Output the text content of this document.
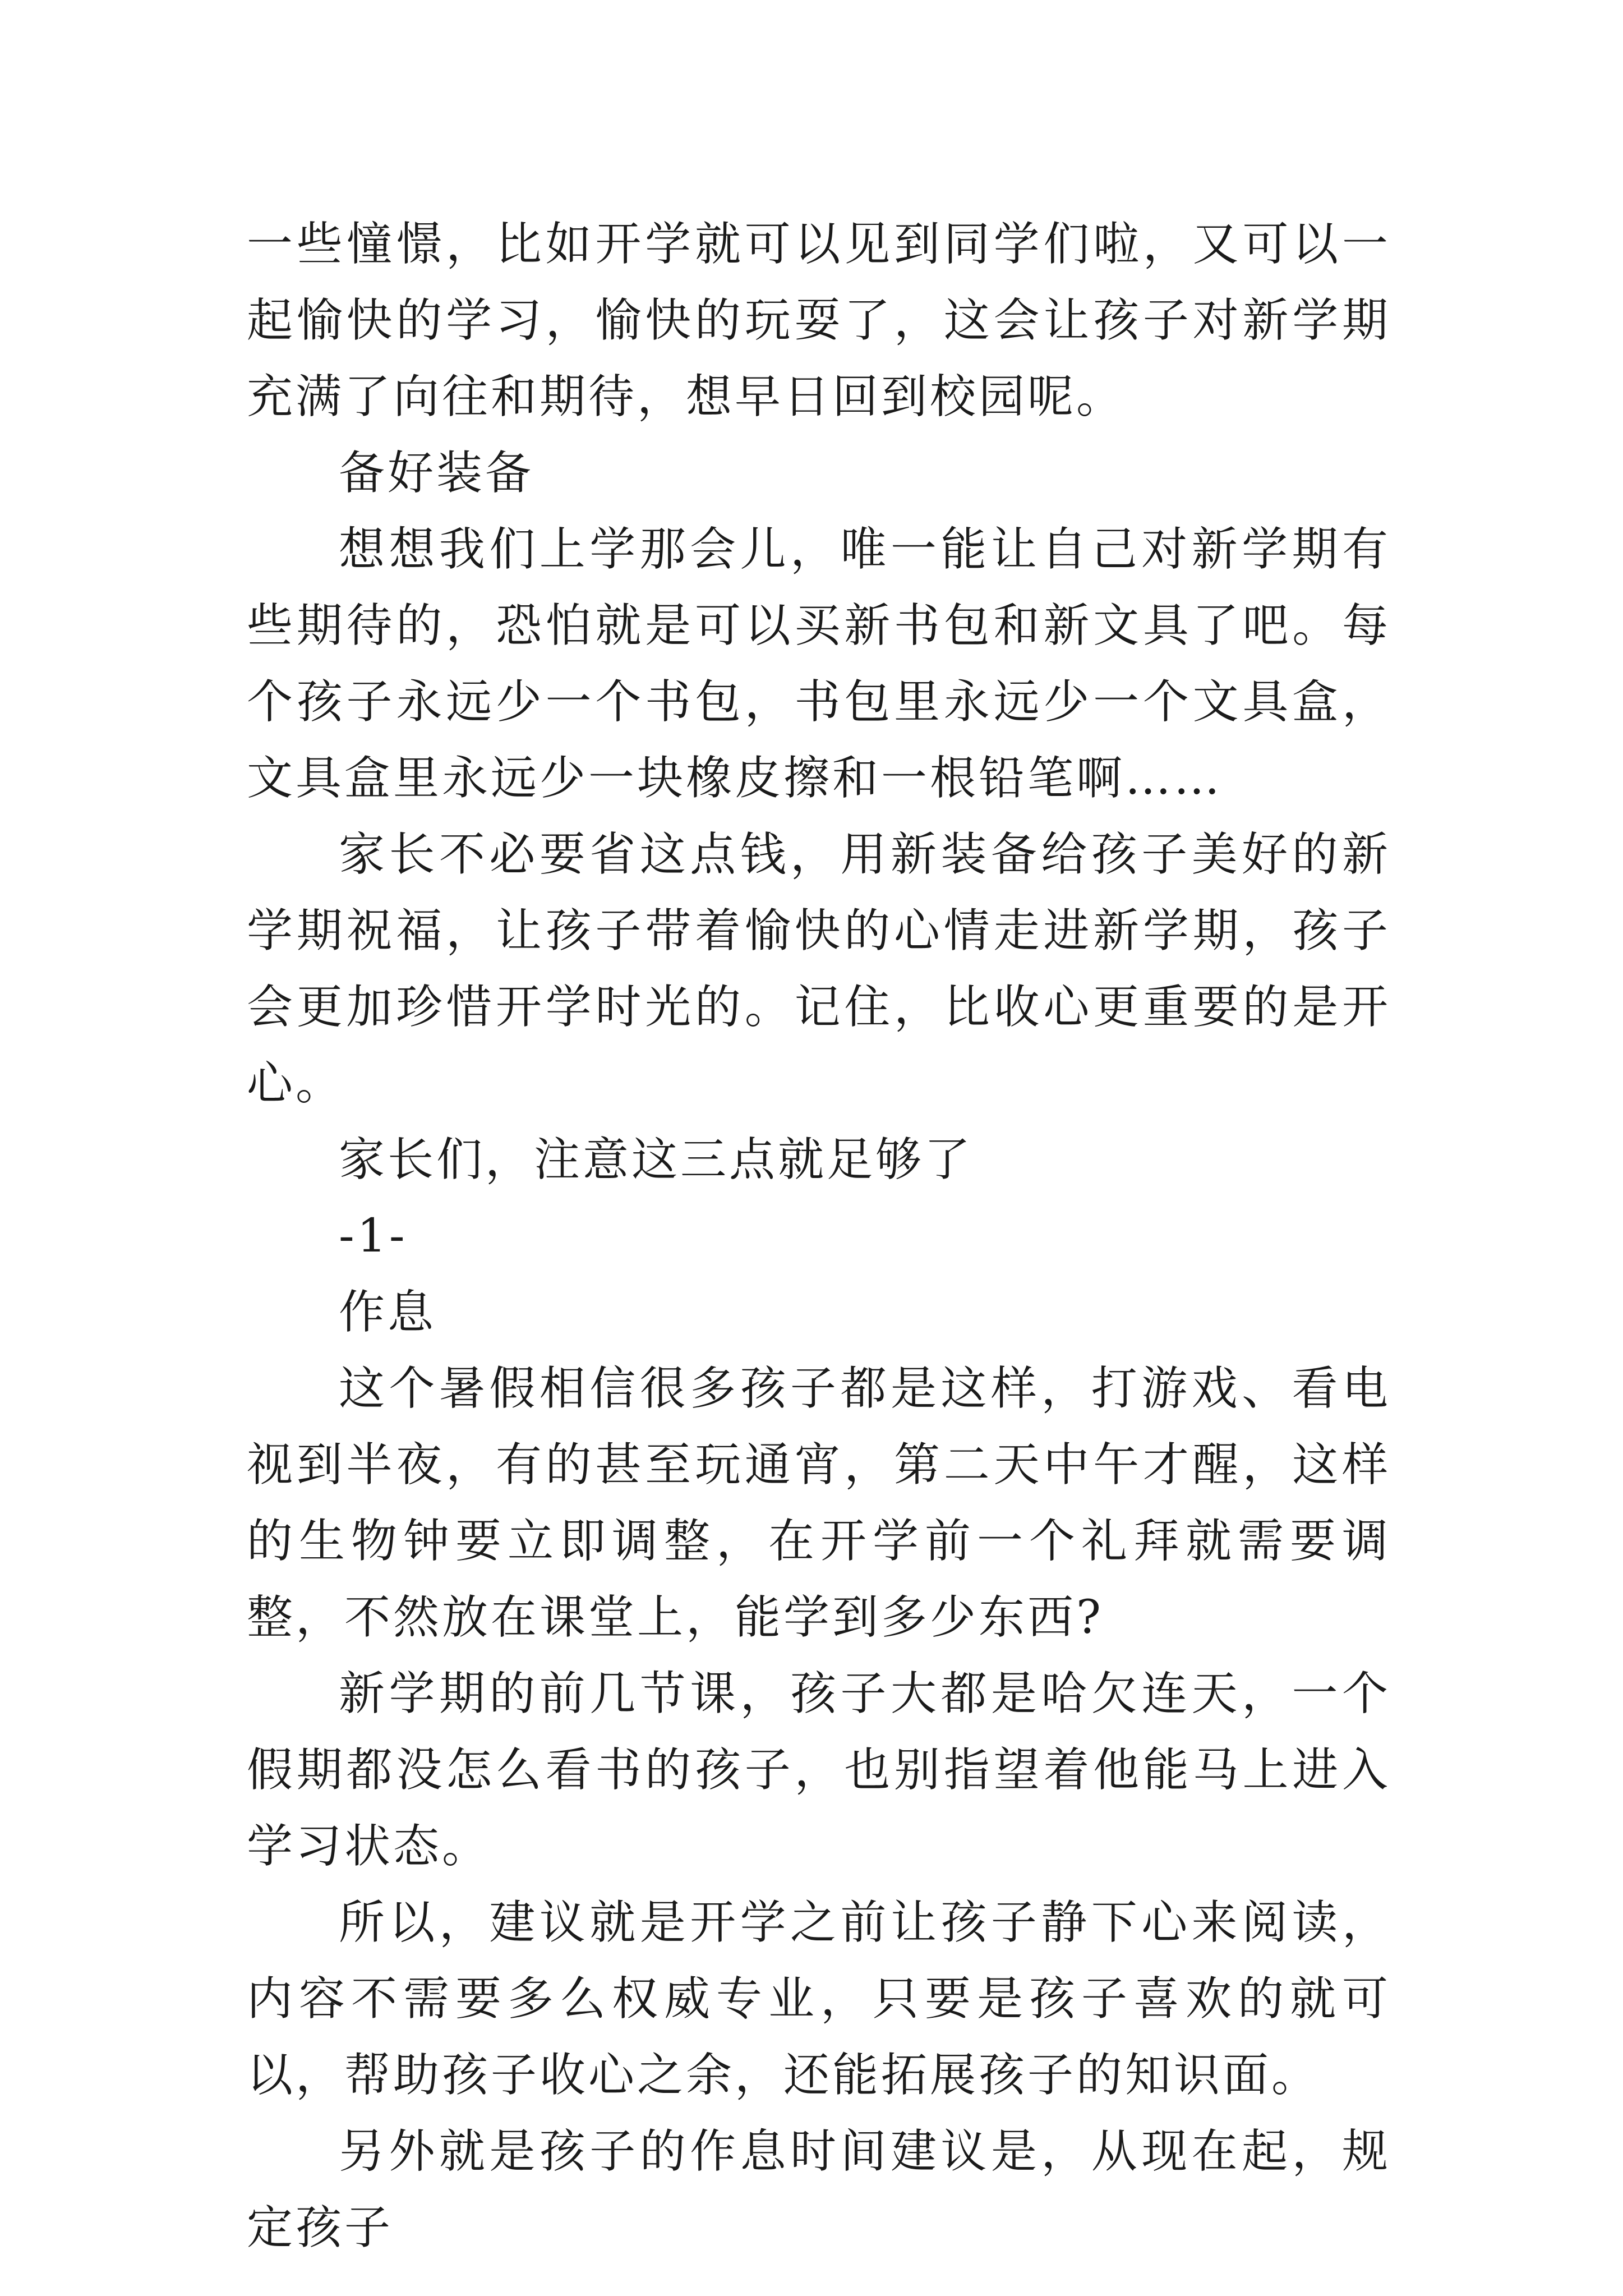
一些憧憬，比如开学就可以见到同学们啦，又可以一起愉快的学习，愉快的玩耍了，这会让孩子对新学期充满了向往和期待，想早日回到校园呢。

备好装备

想想我们上学那会儿，唯一能让自己对新学期有些期待的，恐怕就是可以买新书包和新文具了吧。每个孩子永远少一个书包，书包里永远少一个文具盒，文具盒里永远少一块橡皮擦和一根铅笔啊……

家长不必要省这点钱，用新装备给孩子美好的新学期祝福，让孩子带着愉快的心情走进新学期，孩子会更加珍惜开学时光的。记住，比收心更重要的是开心。

家长们，注意这三点就足够了

-1-

作息

这个暑假相信很多孩子都是这样，打游戏、看电视到半夜，有的甚至玩通宵，第二天中午才醒，这样的生物钟要立即调整，在开学前一个礼拜就需要调整，不然放在课堂上，能学到多少东西?

新学期的前几节课，孩子大都是哈欠连天，一个假期都没怎么看书的孩子，也别指望着他能马上进入学习状态。

所以，建议就是开学之前让孩子静下心来阅读，内容不需要多么权威专业，只要是孩子喜欢的就可以，帮助孩子收心之余，还能拓展孩子的知识面。

另外就是孩子的作息时间建议是，从现在起，规定孩子
